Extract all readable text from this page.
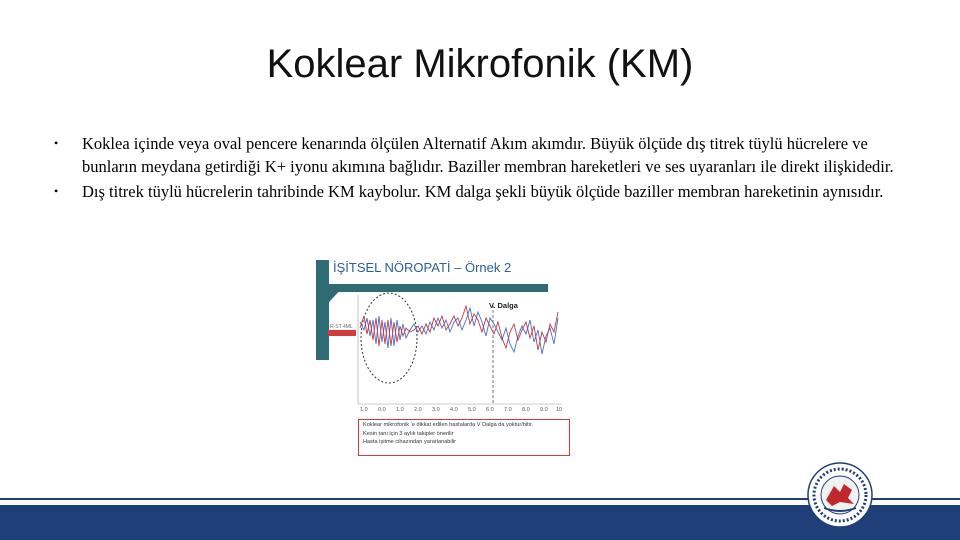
Koklear Mikrofonik (KM)
• Koklea içinde veya oval pencere kenarında ölçülen Alternatif Akım akımdır. Büyük ölçüde dış titrek tüylü hücrelere ve bunların meydana getirdiği K+ iyonu akımına bağlıdır. Baziller membran hareketleri ve ses uyaranları ile direkt ilişkidedir.
• Dış titrek tüylü hücrelerin tahribinde KM kaybolur. KM dalga şekli büyük ölçüde baziller membran hareketinin aynısıdır.
1.0 0.0 1.0 2.0 3.0 4.0 5.0 6.0 7.0 8.0 9.0 10
İŞİTSEL NÖROPATİ – Örnek 2
V. Dalga
R-ST 4ML
Koklear mikrofonik ‘e dikkat edilen hastalarda V Dalga da yoktur/bitir.
Kesin tanı için 3 aylık takipler önerilir
Hasta işitme cihazından yararlanabilir
